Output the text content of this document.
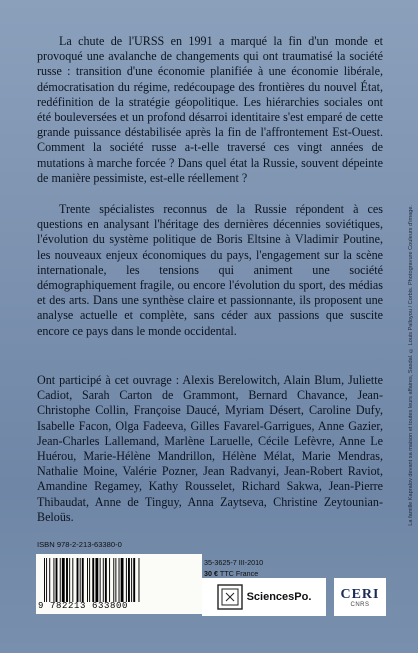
La chute de l'URSS en 1991 a marqué la fin d'un monde et provoqué une avalanche de changements qui ont traumatisé la société russe : transition d'une économie planifiée à une économie libérale, démocratisation du régime, redécoupage des frontières du nouvel État, redéfinition de la stratégie géopolitique. Les hiérarchies sociales ont été bouleversées et un profond désarroi identitaire s'est emparé de cette grande puissance déstabilisée après la fin de l'affrontement Est-Ouest. Comment la société russe a-t-elle traversé ces vingt années de mutations à marche forcée ? Dans quel état la Russie, souvent dépeinte de manière pessimiste, est-elle réellement ?

Trente spécialistes reconnus de la Russie répondent à ces questions en analysant l'héritage des dernières décennies soviétiques, l'évolution du système politique de Boris Eltsine à Vladimir Poutine, les nouveaux enjeux économiques du pays, l'engagement sur la scène internationale, les tensions qui animent une société démographiquement fragile, ou encore l'évolution du sport, des médias et des arts. Dans une synthèse claire et passionnante, ils proposent une analyse actuelle et complète, sans céder aux passions que suscite encore ce pays dans le monde occidental.

Ont participé à cet ouvrage : Alexis Berelowitch, Alain Blum, Juliette Cadiot, Sarah Carton de Grammont, Bernard Chavance, Jean-Christophe Collin, Françoise Daucé, Myriam Désert, Caroline Dufy, Isabelle Facon, Olga Fadeeva, Gilles Favarel-Garrigues, Anne Gazier, Jean-Charles Lallemand, Marlène Laruelle, Cécile Lefèvre, Anne Le Huérou, Marie-Hélène Mandrillon, Hélène Mélat, Marie Mendras, Nathalie Moine, Valérie Pozner, Jean Radvanyi, Jean-Robert Raviot, Amandine Regamey, Kathy Rousselet, Richard Sakwa, Jean-Pierre Thibaudat, Anne de Tinguy, Anna Zaytseva, Christine Zeytounian-Beloüs.	La famille Kapralov devant sa maison et toutes leurs affaires, Sasdal. © Louis Palloyou / Corbis. Photogravure Couleurs d'image.
ISBN 978-2-213-63380-0
9 782213 633800
35-3625-7 III-2010
30 € TTC France
SciencesPo. CERI
CNRS
